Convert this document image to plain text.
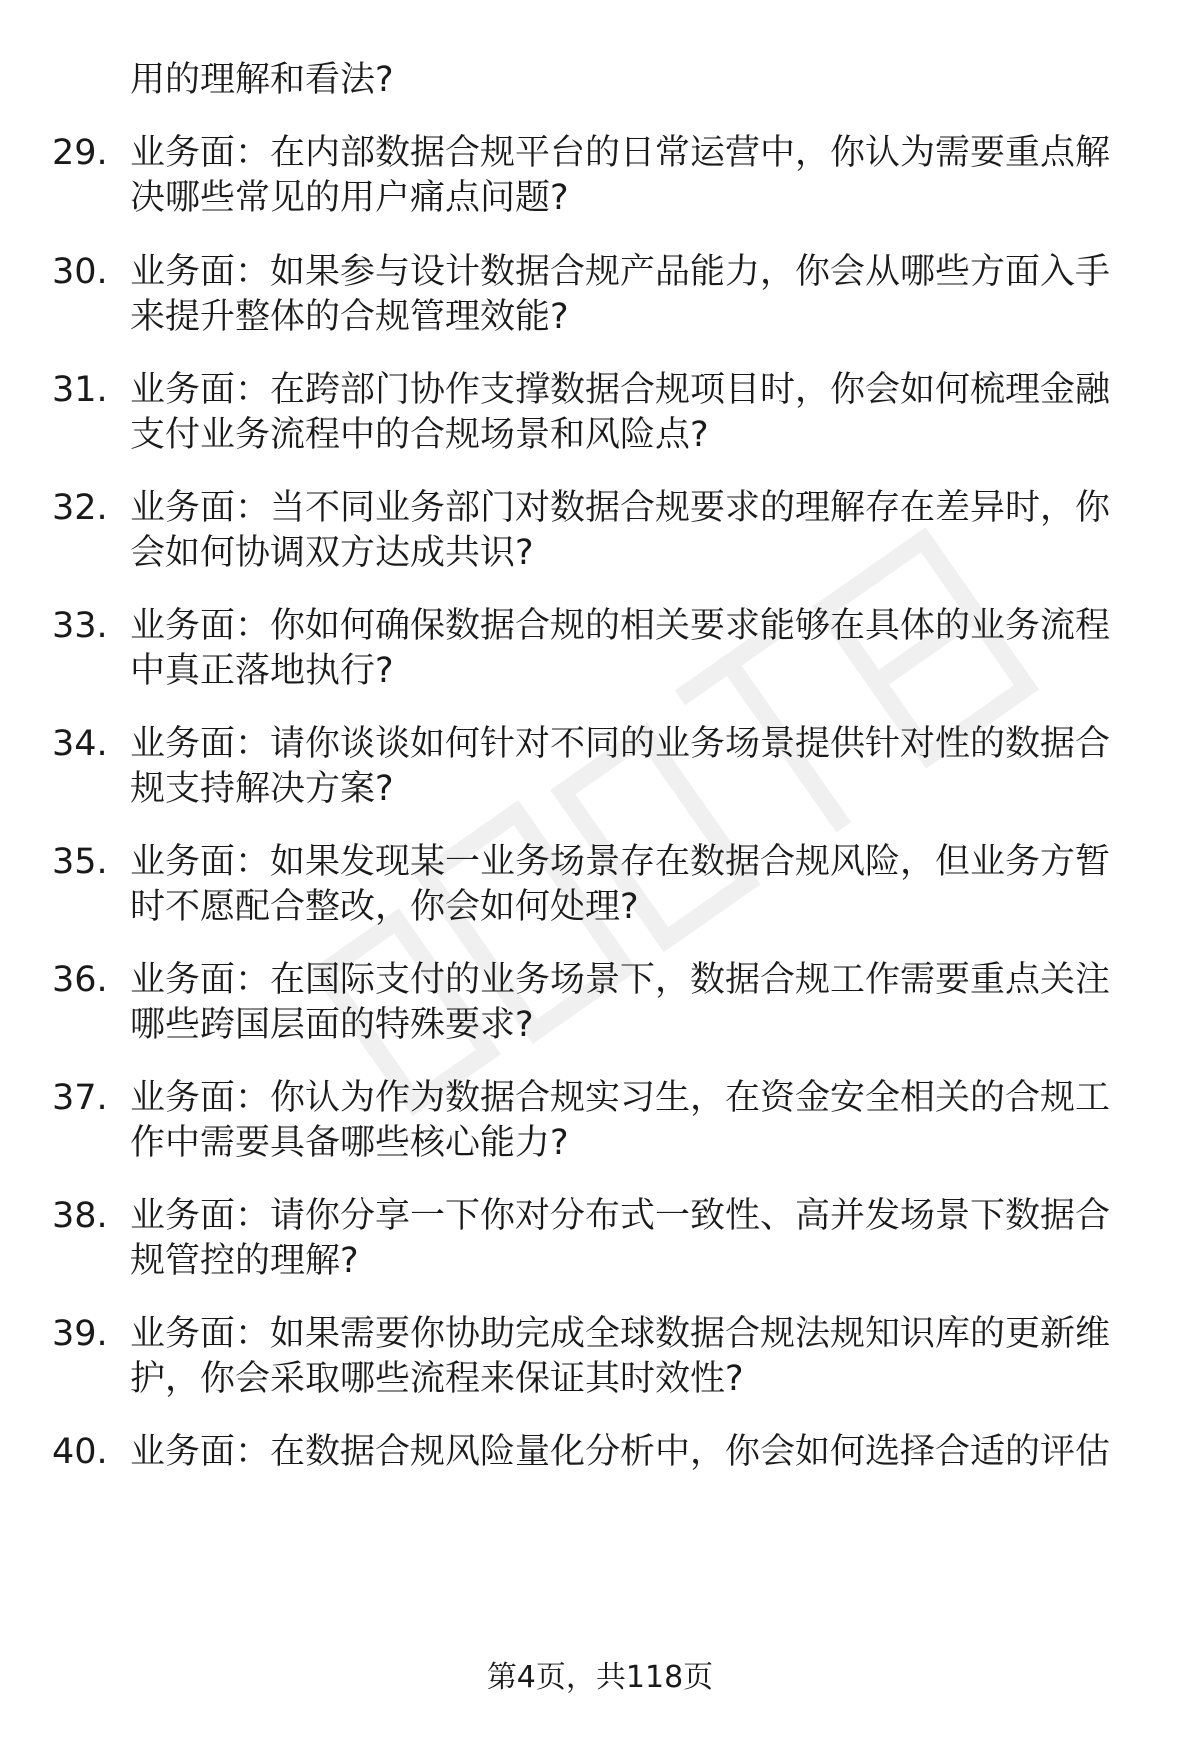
用的理解和看法?
29. 业务面：在内部数据合规平台的日常运营中，你认为需要重点解
决哪些常见的用户痛点问题?
30. 业务面：如果参与设计数据合规产品能力，你会从哪些方面入手
来提升整体的合规管理效能?
31. 业务面：在跨部门协作支撑数据合规项目时，你会如何梳理金融
支付业务流程中的合规场景和风险点?
32. 业务面：当不同业务部门对数据合规要求的理解存在差异时，你
会如何协调双方达成共识?
33. 业务面：你如何确保数据合规的相关要求能够在具体的业务流程
中真正落地执行?
34. 业务面：请你谈谈如何针对不同的业务场景提供针对性的数据合
规支持解决方案?
35. 业务面：如果发现某一业务场景存在数据合规风险，但业务方暂
时不愿配合整改，你会如何处理?
36. 业务面：在国际支付的业务场景下，数据合规工作需要重点关注
哪些跨国层面的特殊要求?
37. 业务面：你认为作为数据合规实习生，在资金安全相关的合规工
作中需要具备哪些核心能力?
38. 业务面：请你分享一下你对分布式一致性、高并发场景下数据合
规管控的理解?
39. 业务面：如果需要你协助完成全球数据合规法规知识库的更新维
护，你会采取哪些流程来保证其时效性?
40. 业务面：在数据合规风险量化分析中，你会如何选择合适的评估
第4页，共118页
